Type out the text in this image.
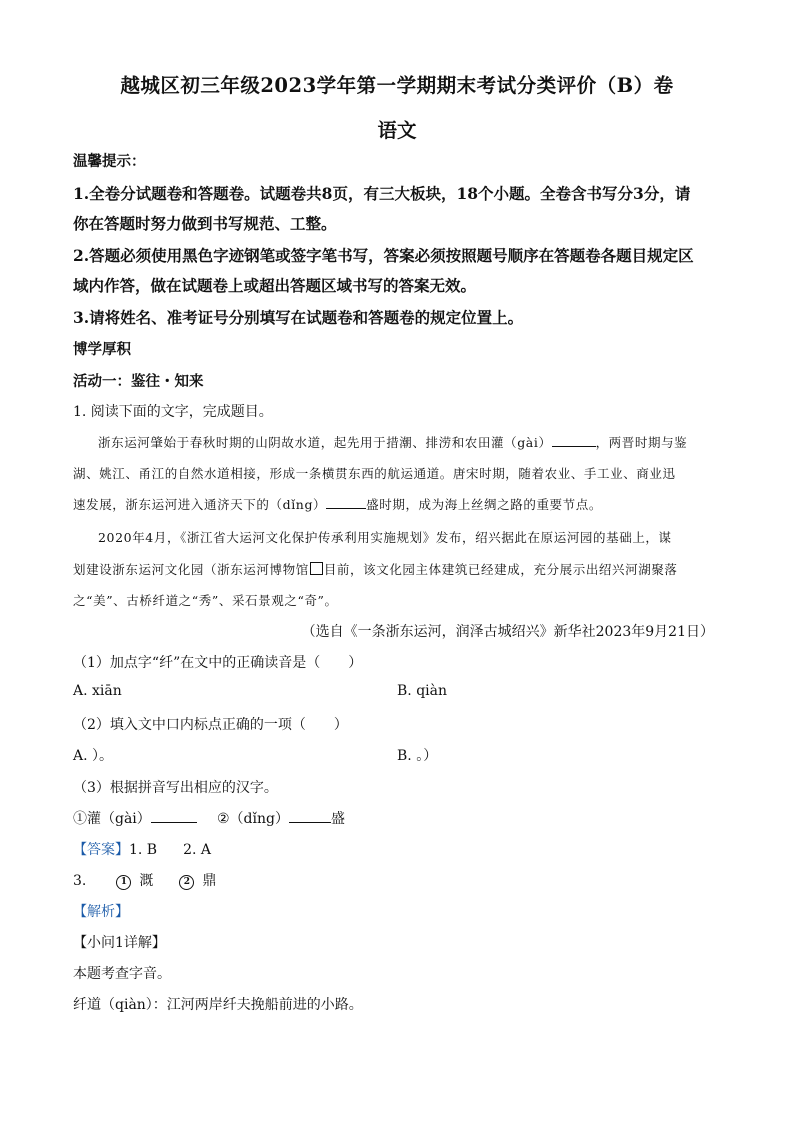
越城区初三年级2023学年第一学期期末考试分类评价（B）卷
语文
温馨提示：
1.全卷分试题卷和答题卷。试题卷共8页，有三大板块，18个小题。全卷含书写分3分，请
你在答题时努力做到书写规范、工整。
2.答题必须使用黑色字迹钢笔或签字笔书写，答案必须按照题号顺序在答题卷各题目规定区
域内作答，做在试题卷上或超出答题区域书写的答案无效。
3.请将姓名、准考证号分别填写在试题卷和答题卷的规定位置上。
博学厚积
活动一：鉴往・知来
1. 阅读下面的文字，完成题目。
浙东运河肇始于春秋时期的山阴故水道，起先用于措潮、排涝和农田灌（gài）	，两晋时期与鉴
湖、姚江、甬江的自然水道相接，形成一条横贯东西的航运通道。唐宋时期，随着农业、手工业、商业迅
速发展，浙东运河进入通济天下的（dǐng）	盛时期，成为海上丝绸之路的重要节点。
2020年4月，《浙江省大运河文化保护传承利用实施规划》发布，绍兴据此在原运河园的基础上，谋
划建设浙东运河文化园（浙东运河博物馆 目前，该文化园主体建筑已经建成，充分展示出绍兴河湖聚落
之“美”、古桥纤道之“秀”、采石景观之“奇”。
（选自《一条浙东运河，润泽古城绍兴》新华社2023年9月21日）
（1）加点字“纤”在文中的正确读音是（　　）
A. xiān	B. qiàn
（2）填入文中口内标点正确的一项（　　）
A. ）。	B. 。）
（3）根据拼音写出相应的汉字。
①灌（gài）	②（dǐng）	盛
【答案】1. B 2. A
3.	1 溉	2 鼎
【解析】
【小问1详解】
本题考查字音。
纤道（qiàn）：江河两岸纤夫挽船前进的小路。
